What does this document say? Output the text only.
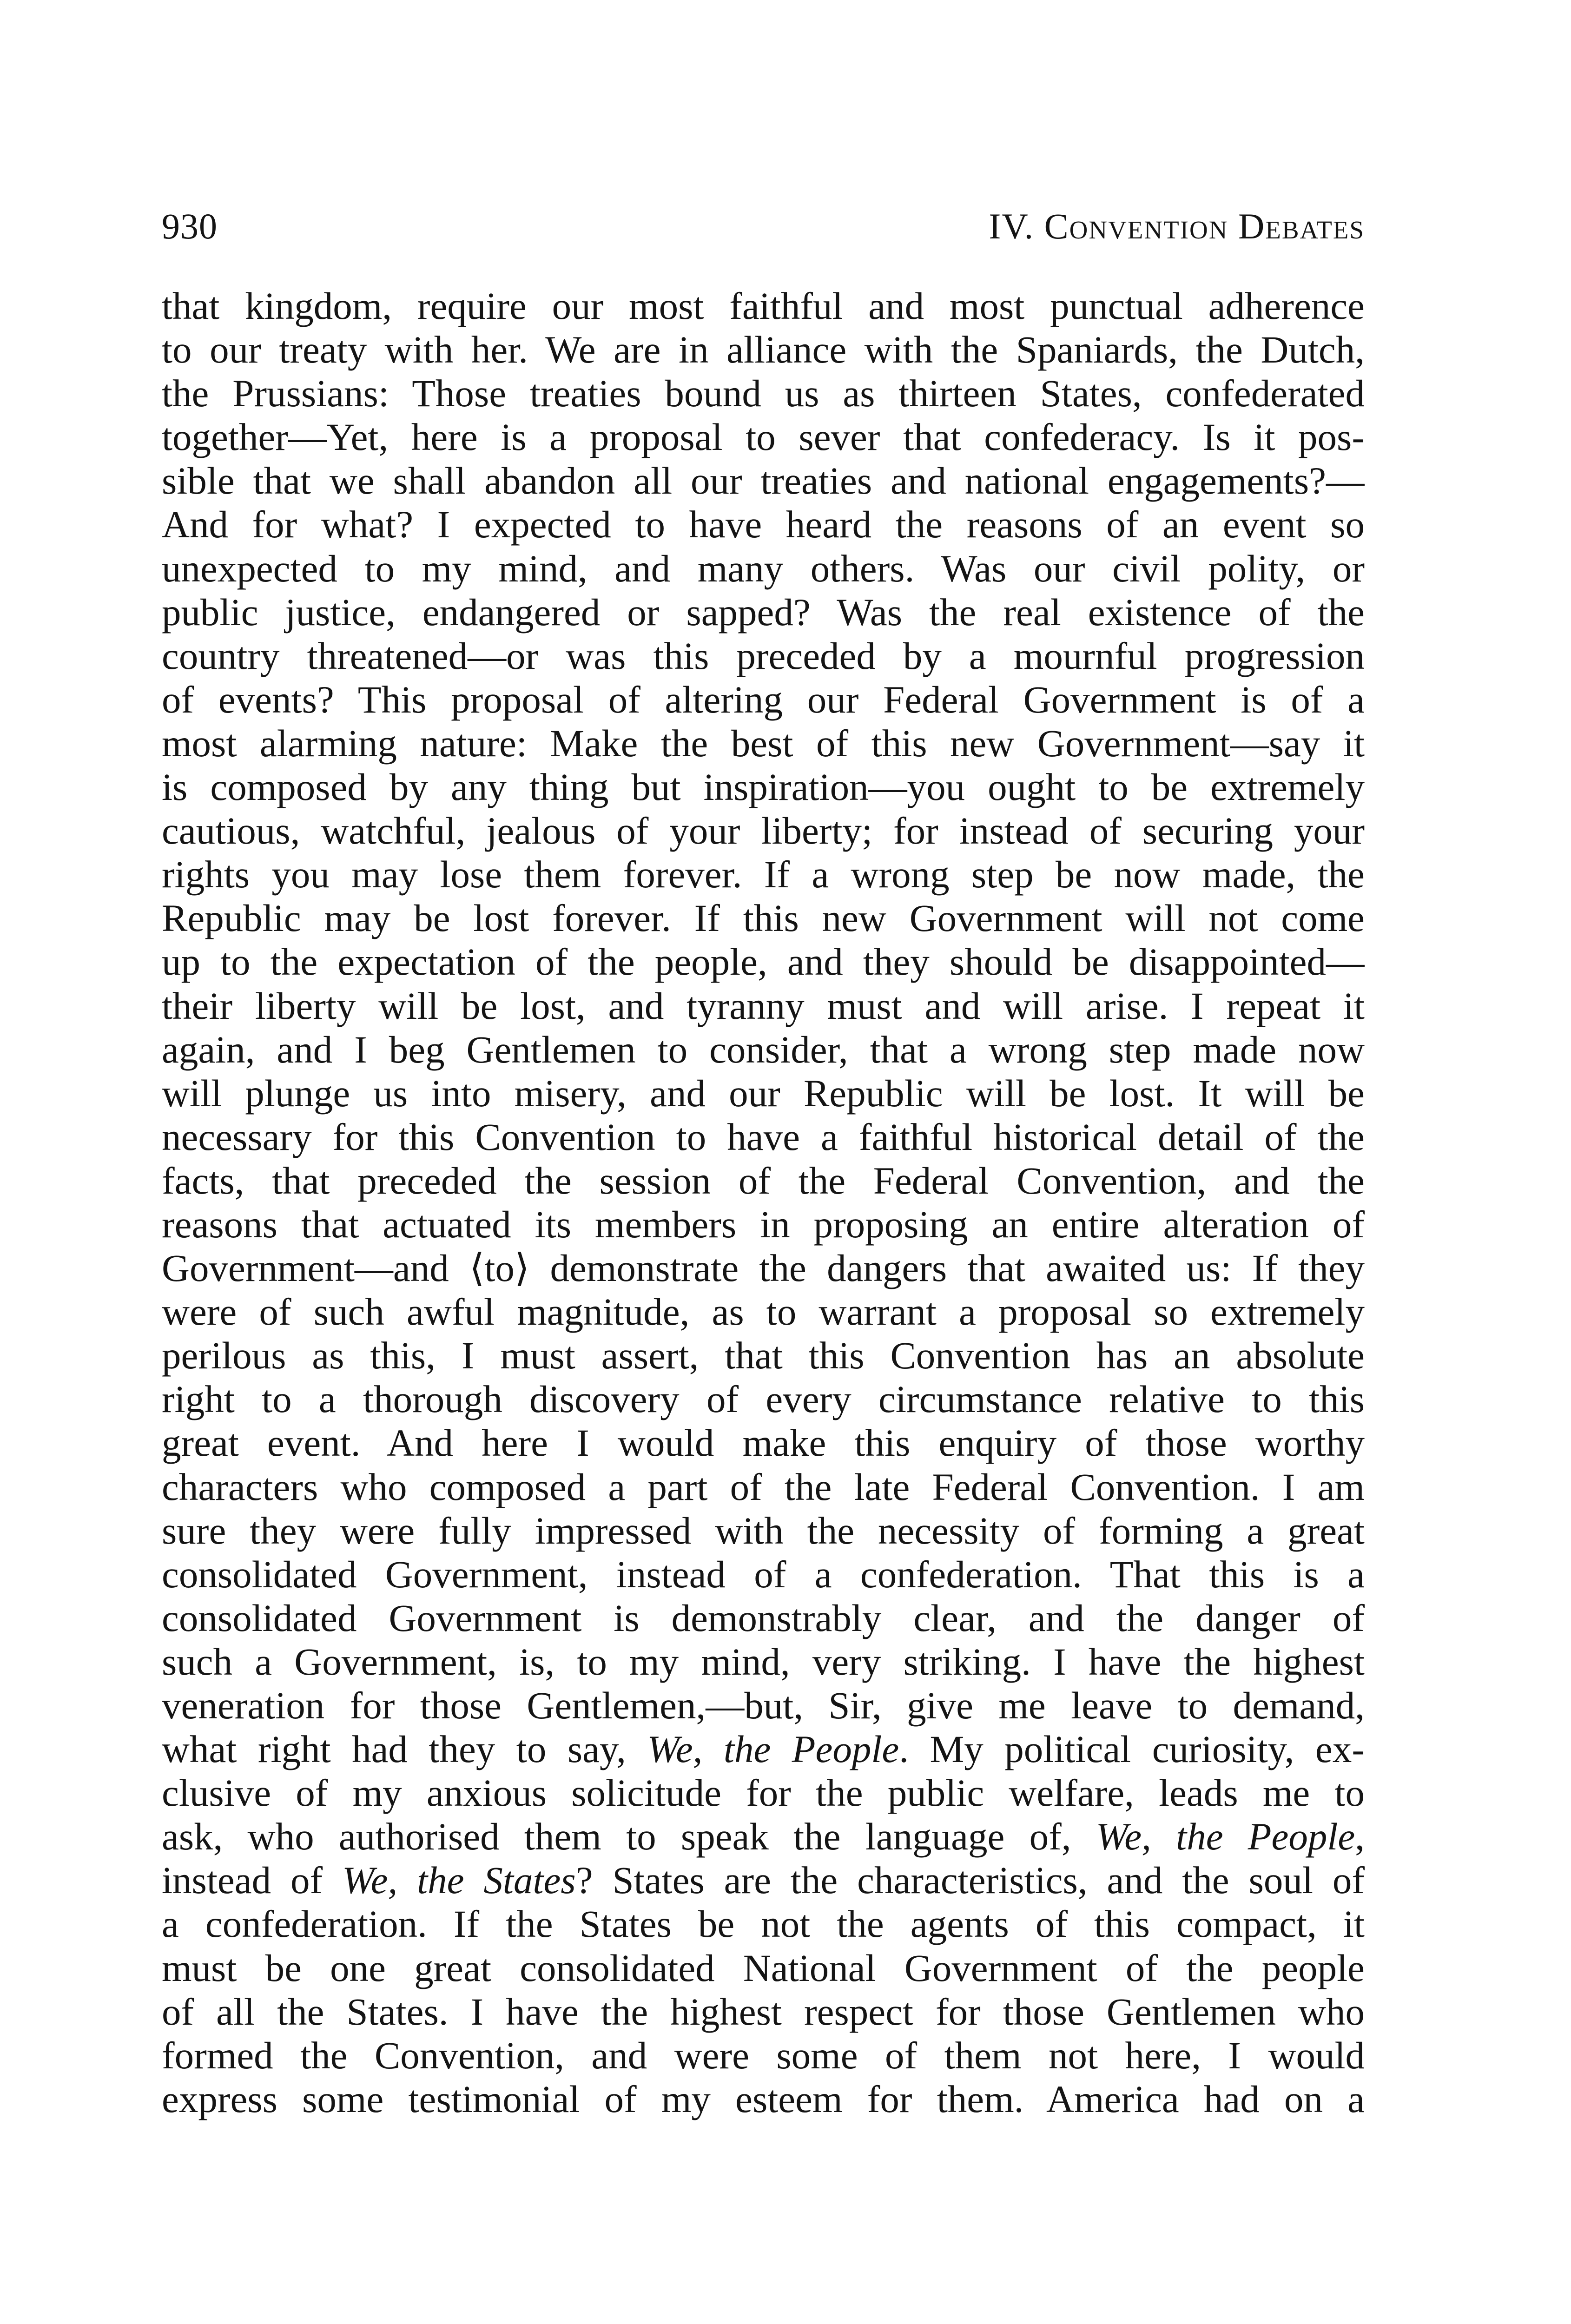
930	IV. Convention Debates
that kingdom, require our most faithful and most punctual adherence
to our treaty with her. We are in alliance with the Spaniards, the Dutch,
the Prussians: Those treaties bound us as thirteen States, confederated
together—Yet, here is a proposal to sever that confederacy. Is it pos-
sible that we shall abandon all our treaties and national engagements?—
And for what? I expected to have heard the reasons of an event so
unexpected to my mind, and many others. Was our civil polity, or
public justice, endangered or sapped? Was the real existence of the
country threatened—or was this preceded by a mournful progression
of events? This proposal of altering our Federal Government is of a
most alarming nature: Make the best of this new Government—say it
is composed by any thing but inspiration—you ought to be extremely
cautious, watchful, jealous of your liberty; for instead of securing your
rights you may lose them forever. If a wrong step be now made, the
Republic may be lost forever. If this new Government will not come
up to the expectation of the people, and they should be disappointed—
their liberty will be lost, and tyranny must and will arise. I repeat it
again, and I beg Gentlemen to consider, that a wrong step made now
will plunge us into misery, and our Republic will be lost. It will be
necessary for this Convention to have a faithful historical detail of the
facts, that preceded the session of the Federal Convention, and the
reasons that actuated its members in proposing an entire alteration of
Government—and ⟨to⟩ demonstrate the dangers that awaited us: If they
were of such awful magnitude, as to warrant a proposal so extremely
perilous as this, I must assert, that this Convention has an absolute
right to a thorough discovery of every circumstance relative to this
great event. And here I would make this enquiry of those worthy
characters who composed a part of the late Federal Convention. I am
sure they were fully impressed with the necessity of forming a great
consolidated Government, instead of a confederation. That this is a
consolidated Government is demonstrably clear, and the danger of
such a Government, is, to my mind, very striking. I have the highest
veneration for those Gentlemen,—but, Sir, give me leave to demand,
what right had they to say, We, the People. My political curiosity, ex-
clusive of my anxious solicitude for the public welfare, leads me to
ask, who authorised them to speak the language of, We, the People,
instead of We, the States? States are the characteristics, and the soul of
a confederation. If the States be not the agents of this compact, it
must be one great consolidated National Government of the people
of all the States. I have the highest respect for those Gentlemen who
formed the Convention, and were some of them not here, I would
express some testimonial of my esteem for them. America had on a
